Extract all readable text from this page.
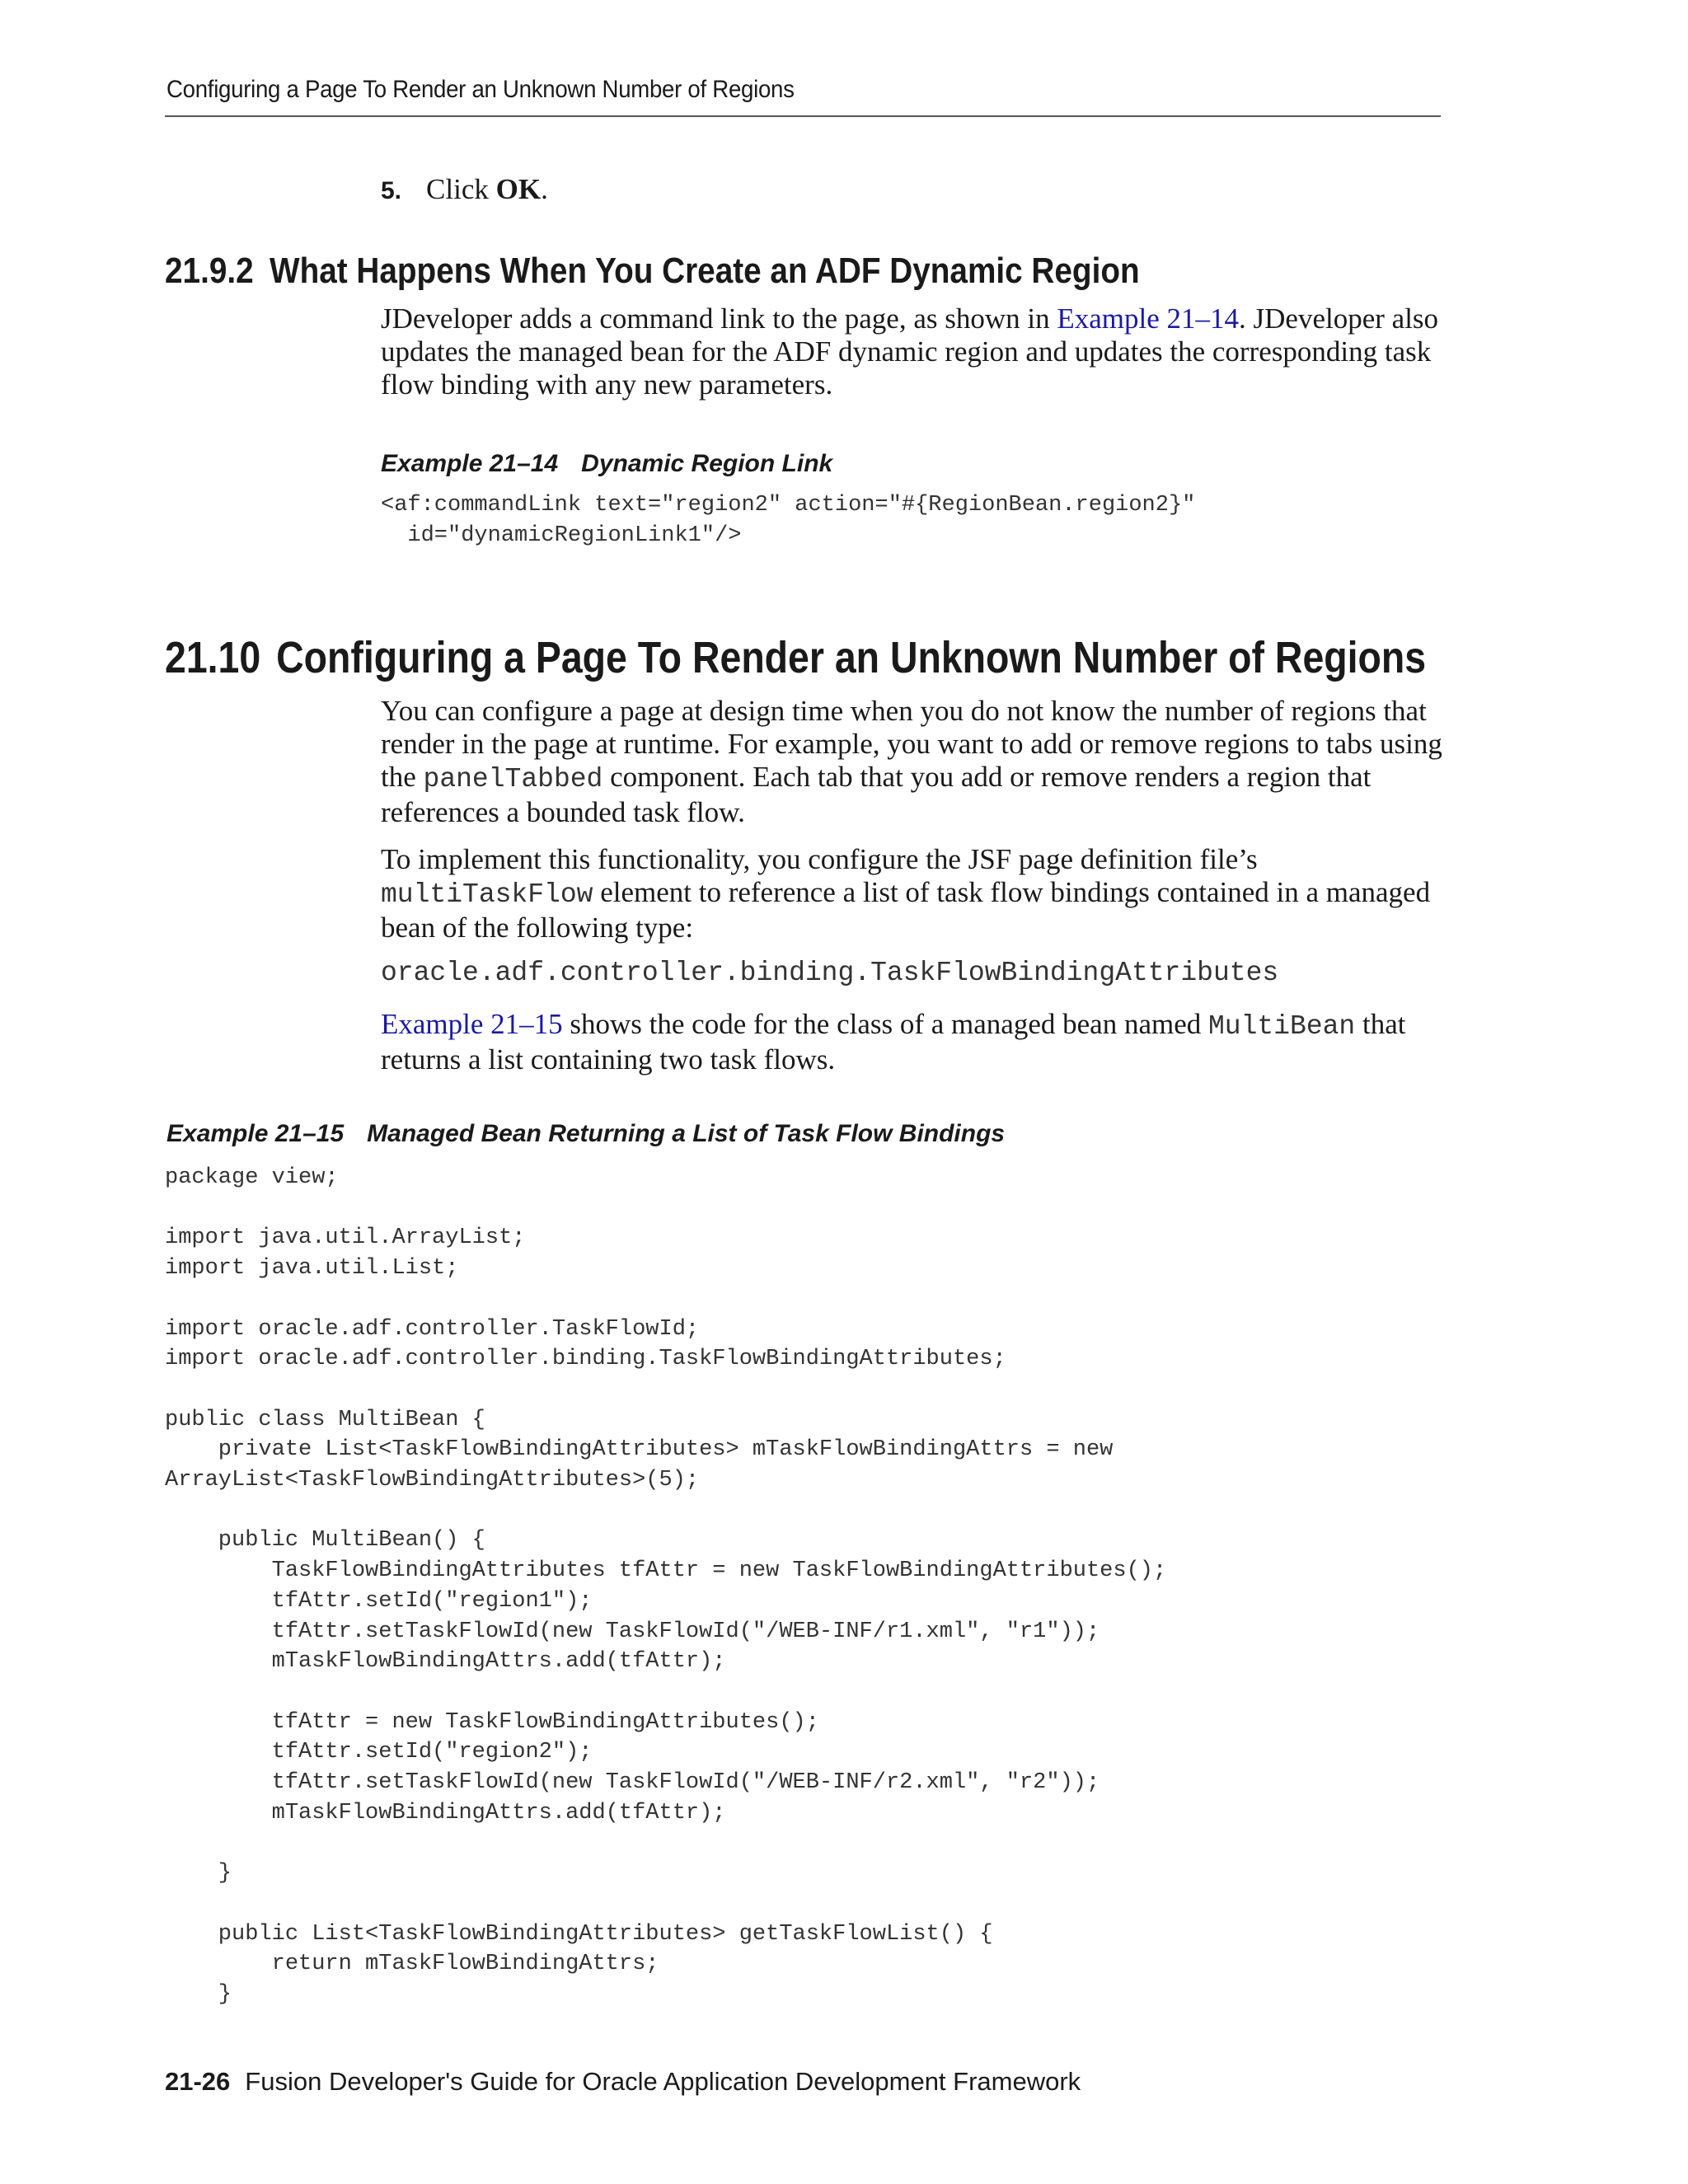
Configuring a Page To Render an Unknown Number of Regions
5. Click OK.
21.9.2 What Happens When You Create an ADF Dynamic Region
JDeveloper adds a command link to the page, as shown in Example 21–14. JDeveloper also updates the managed bean for the ADF dynamic region and updates the corresponding task flow binding with any new parameters.
Example 21–14 Dynamic Region Link
<af:commandLink text="region2" action="#{RegionBean.region2}"
id="dynamicRegionLink1"/>
21.10 Configuring a Page To Render an Unknown Number of Regions
You can configure a page at design time when you do not know the number of regions that render in the page at runtime. For example, you want to add or remove regions to tabs using the panelTabbed component. Each tab that you add or remove renders a region that references a bounded task flow.
To implement this functionality, you configure the JSF page definition file’s multiTaskFlow element to reference a list of task flow bindings contained in a managed bean of the following type:
oracle.adf.controller.binding.TaskFlowBindingAttributes
Example 21–15 shows the code for the class of a managed bean named MultiBean that returns a list containing two task flows.
Example 21–15 Managed Bean Returning a List of Task Flow Bindings
package view;

import java.util.ArrayList;
import java.util.List;

import oracle.adf.controller.TaskFlowId;
import oracle.adf.controller.binding.TaskFlowBindingAttributes;

public class MultiBean {
private List<TaskFlowBindingAttributes> mTaskFlowBindingAttrs = new
ArrayList<TaskFlowBindingAttributes>(5);

public MultiBean() {
TaskFlowBindingAttributes tfAttr = new TaskFlowBindingAttributes();
tfAttr.setId("region1");
tfAttr.setTaskFlowId(new TaskFlowId("/WEB-INF/r1.xml", "r1"));
mTaskFlowBindingAttrs.add(tfAttr);

tfAttr = new TaskFlowBindingAttributes();
tfAttr.setId("region2");
tfAttr.setTaskFlowId(new TaskFlowId("/WEB-INF/r2.xml", "r2"));
mTaskFlowBindingAttrs.add(tfAttr);

}

public List<TaskFlowBindingAttributes> getTaskFlowList() {
return mTaskFlowBindingAttrs;
}
21-26 Fusion Developer's Guide for Oracle Application Development Framework
